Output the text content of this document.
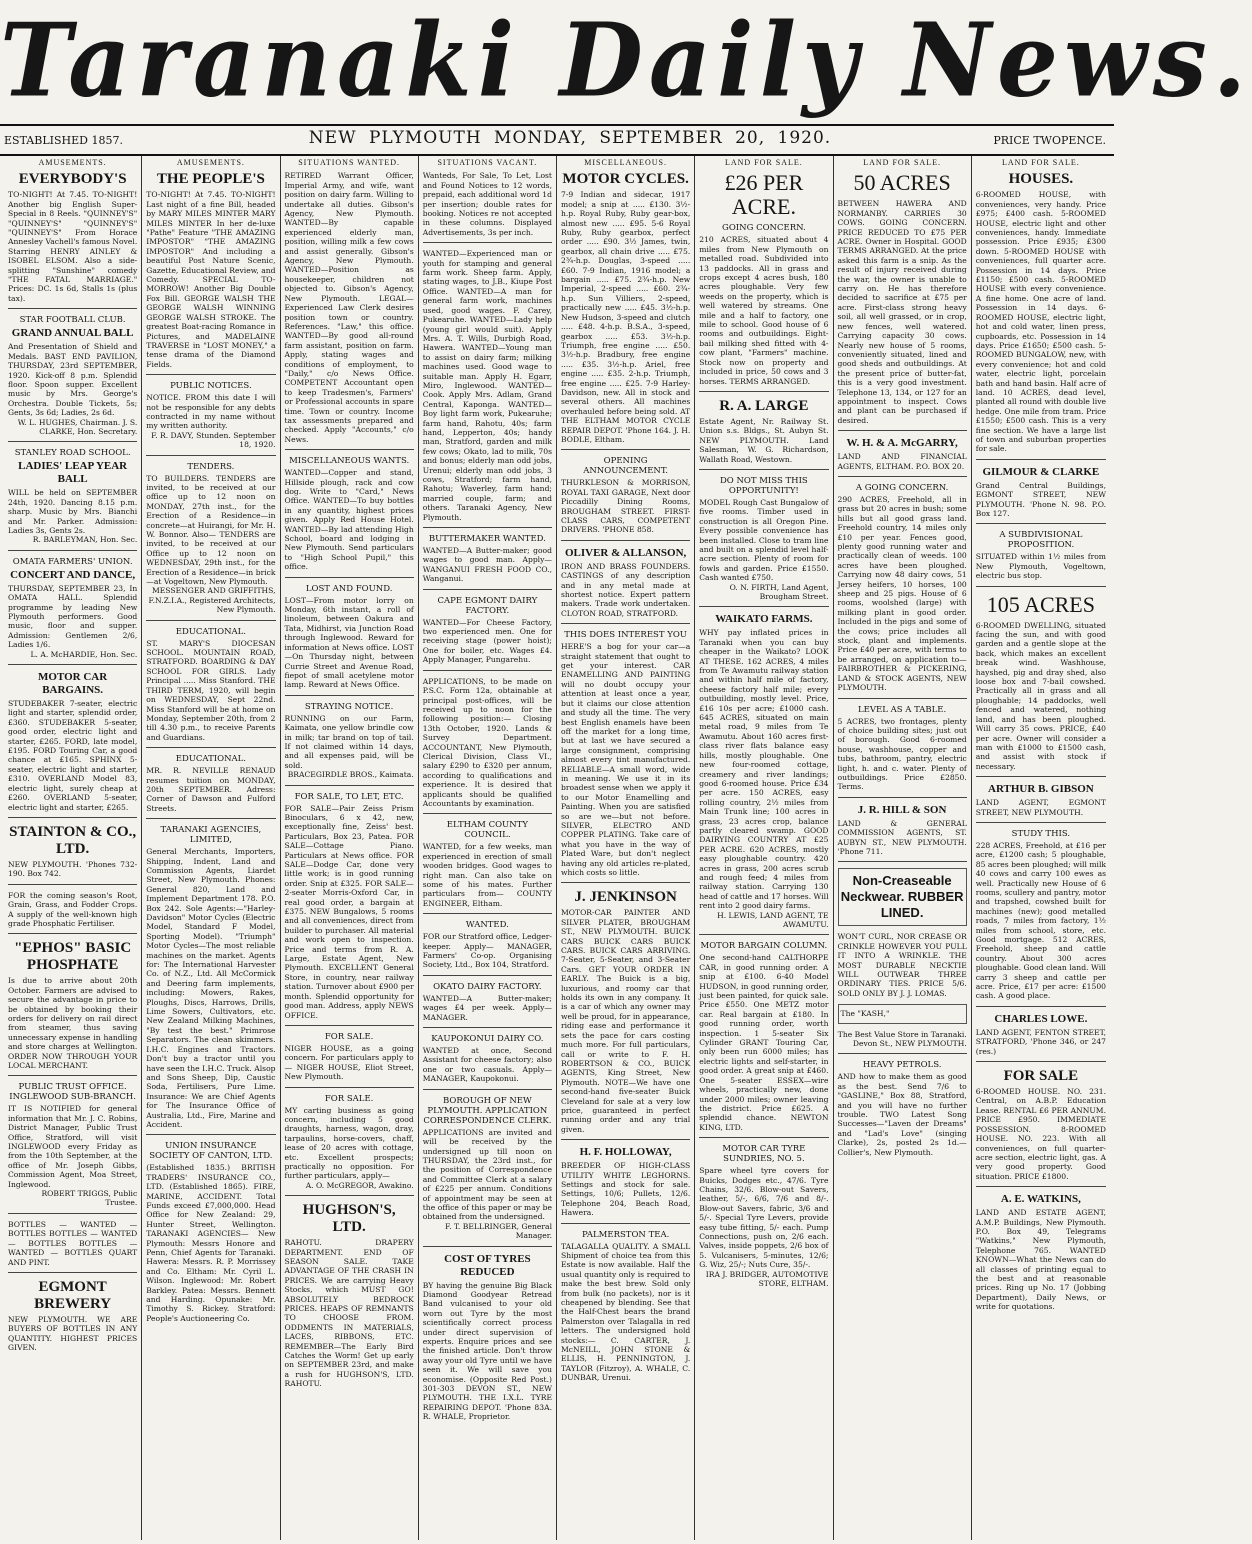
Taranaki Daily News.
ESTABLISHED 1857.	NEW PLYMOUTH MONDAY, SEPTEMBER 20, 1920.	PRICE TWOPENCE.
AMUSEMENTS.
EVERYBODY'S
TO-NIGHT! At 7.45. TO-NIGHT! Another big English Super-Special in 8 Reels. "QUINNEY'S" "QUINNEY'S" "QUINNEY'S" "QUINNEY'S" From Horace Annesley Vachell's famous Novel. Starring HENRY AINLEY & ISOBEL ELSOM. Also a side-splitting "Sunshine" comedy "THE FATAL MARRIAGE." Prices: DC. 1s 6d, Stalls 1s (plus tax).
STAR FOOTBALL CLUB.
GRAND ANNUAL BALL
And Presentation of Shield and Medals. BAST END PAVILION, THURSDAY, 23rd SEPTEMBER, 1920. Kick-off 8 p.m. Splendid floor. Spoon supper. Excellent music by Mrs. George's Orchestra. Double Tickets, 5s; Gents, 3s 6d; Ladies, 2s 6d.
W. L. HUGHES, Chairman. J. S. CLARKE, Hon. Secretary.
STANLEY ROAD SCHOOL.
LADIES' LEAP YEAR BALL
WILL be held on SEPTEMBER 24th, 1920. Dancing 8.15 p.m. sharp. Music by Mrs. Bianchi and Mr. Parker. Admission: Ladies 3s, Gents 2s.
R. BARLEYMAN, Hon. Sec.
OMATA FARMERS' UNION.
CONCERT AND DANCE,
THURSDAY, SEPTEMBER 23, In OMATA HALL. Splendid programme by leading New Plymouth performers. Good music, floor and supper. Admission: Gentlemen 2/6, Ladies 1/6.
L. A. McHARDIE, Hon. Sec.
MOTOR CAR BARGAINS.
STUDEBAKER 7-seater, electric light and starter, splendid order, £360. STUDEBAKER 5-seater, good order, electric light and starter, £265. FORD, late model, £195. FORD Touring Car, a good chance at £165. SPHINX 5-seater, electric light and starter, £310. OVERLAND Model 83, electric light, surely cheap at £260. OVERLAND 5-seater, electric light and starter, £265.
STAINTON & CO., LTD.
NEW PLYMOUTH. 'Phones 732-190. Box 742.
FOR the coming season's Root, Grain, Grass, and Fodder Crops. A supply of the well-known high grade Phosphatic Fertiliser.
"EPHOS" BASIC PHOSPHATE
Is due to arrive about 20th October. Farmers are advised to secure the advantage in price to be obtained by booking their orders for delivery on rail direct from steamer, thus saving unnecessary expense in handling and store charges at Wellington. ORDER NOW THROUGH YOUR LOCAL MERCHANT.
PUBLIC TRUST OFFICE. INGLEWOOD SUB-BRANCH.
IT IS NOTIFIED for general information that Mr. J. C. Robins, District Manager, Public Trust Office, Stratford, will visit INGLEWOOD every Friday as from the 10th September, at the office of Mr. Joseph Gibbs, Commission Agent, Moa Street, Inglewood.
ROBERT TRIGGS, Public Trustee.
BOTTLES — WANTED — BOTTLES BOTTLES — WANTED — BOTTLES BOTTLES — WANTED — BOTTLES QUART AND PINT.
EGMONT BREWERY
NEW PLYMOUTH. WE ARE BUYERS OF BOTTLES IN ANY QUANTITY. HIGHEST PRICES GIVEN.
AMUSEMENTS.
THE PEOPLE'S
TO-NIGHT! At 7.45. TO-NIGHT! Last night of a fine Bill, headed by MARY MILES MINTER MARY MILES MINTER In her de-luxe "Pathe" Feature "THE AMAZING IMPOSTOR" "THE AMAZING IMPOSTOR" And including a beautiful Post Nature Scenic, Gazette, Educational Review, and Comedy. SPECIAL TO-MORROW! Another Big Double Fox Bill. GEORGE WALSH THE GEORGE WALSH WINNING GEORGE WALSH STROKE. The greatest Boat-racing Romance in Pictures, and MADELAINE TRAVERSE in "LOST MONEY," a tense drama of the Diamond Fields.
PUBLIC NOTICES.
NOTICE. FROM this date I will not be responsible for any debts contracted in my name without my written authority.
F. R. DAVY, Stunden. September 18, 1920.
TENDERS.
TO BUILDERS. TENDERS are invited, to be received at our office up to 12 noon on MONDAY, 27th inst., for the Erection of a Residence—in concrete—at Huirangi, for Mr. H. W. Bonnor. Also— TENDERS are invited, to be received at our Office up to 12 noon on WEDNESDAY, 29th inst., for the Erection of a Residence—in brick—at Vogeltown, New Plymouth.
MESSENGER AND GRIFFITHS, F.N.Z.I.A., Registered Architects, New Plymouth.
EDUCATIONAL.
ST. MARY'S DIOCESAN SCHOOL. MOUNTAIN ROAD, STRATFORD. BOARDING & DAY SCHOOL FOR GIRLS. Lady Principal ..... Miss Stanford. THE THIRD TERM, 1920, will begin on WEDNESDAY, Sept 22nd. Miss Stanford will be at home on Monday, September 20th, from 2 till 4.30 p.m., to receive Parents and Guardians.
EDUCATIONAL.
MR. R. NEVILLE RENAUD resumes tuition on MONDAY, 20th SEPTEMBER. Adress: Corner of Dawson and Fulford Streets.
TARANAKI AGENCIES, LIMITED,
General Merchants, Importers, Shipping, Indent, Land and Commission Agents, Liardet Street, New Plymouth. Phones: General 820, Land and Implement Department 178. P.O. Box 242. Sole Agents:—"Harley-Davidson" Motor Cycles (Electric Model, Standard F Model, Sporting Model). "Triumph" Motor Cycles—The most reliable machines on the market. Agents for: The International Harvester Co. of N.Z., Ltd. All McCormick and Deering farm implements, including: Mowers, Rakes, Ploughs, Discs, Harrows, Drills, Lime Sowers, Cultivators, etc. New Zealand Milking Machines, "By test the best." Primrose Separators. The clean skimmers. I.H.C. Engines and Tractors. Don't buy a tractor until you have seen the I.H.C. Truck. Alsop and Sons Sheep, Dip, Caustic Soda, Fertilisers, Pure Lime. Insurance: We are Chief Agents for The Insurance Office of Australia, Ltd., Fire, Marine and Accident.
UNION INSURANCE SOCIETY OF CANTON, LTD.
(Established 1835.) BRITISH TRADERS' INSURANCE CO., LTD. (Established 1865). FIRE, MARINE, ACCIDENT. Total Funds exceed £7,000,000. Head Office for New Zealand: 29, Hunter Street, Wellington. TARANAKI AGENCIES— New Plymouth: Messrs Honore and Penn, Chief Agents for Taranaki. Hawera: Messrs. R. P. Morrissey and Co. Eltham: Mr. Cyril L. Wilson. Inglewood: Mr. Robert Barkley. Patea: Messrs. Bennett and Harding. Opunake: Mr. Timothy S. Rickey. Stratford: People's Auctioneering Co.
SITUATIONS WANTED.
RETIRED Warrant Officer, Imperial Army, and wife, want position on dairy farm. Willing to undertake all duties. Gibson's Agency, New Plymouth. WANTED—By capable experienced elderly man, position, willing milk a few cows and assist generally. Gibson's Agency, New Plymouth. WANTED—Position as housekeeper, children not objected to. Gibson's Agency, New Plymouth. LEGAL—Experienced Law Clerk desires position town or country. References. "Law," this office. WANTED—By good all-round farm assistant, position on farm. Apply, stating wages and conditions of employment, to "Daily," c/o News Office. COMPETENT Accountant open to keep Tradesmen's, Farmers' or Professional accounts in spare time. Town or country. Income tax assessments prepared and checked. Apply "Accounts," c/o News.
MISCELLANEOUS WANTS.
WANTED—Copper and stand, Hillside plough, rack and cow dog. Write to "Card," News Office. WANTED—To buy bottles in any quantity, highest prices given. Apply Red House Hotel. WANTED—By lad attending High School, board and lodging in New Plymouth. Send particulars to "High School Pupil," this office.
LOST AND FOUND.
LOST—From motor lorry on Monday, 6th instant, a roll of linoleum, between Oakura and Tata, Midhirst, via Junction Road through Inglewood. Reward for information at News office. LOST—On Thursday night, between Currie Street and Avenue Road, fiepot of small acetylene motor lamp. Reward at News Office.
STRAYING NOTICE.
RUNNING on our Farm, Kaimata, one yellow brindle cow in milk; tar brand on top of tail. If not claimed within 14 days, and all expenses paid, will be sold.
BRACEGIRDLE BROS., Kaimata.
FOR SALE, TO LET, ETC.
FOR SALE—Pair Zeiss Prism Binoculars, 6 x 42, new, exceptionally fine, Zeiss' best. Particulars, Box 23, Patea. FOR SALE—Cottage Piano. Particulars at News office. FOR SALE—Dodge Car, done very little work; is in good running order. Snip at £325. FOR SALE—2-seater Morris-Oxford Car, in real good order, a bargain at £375. NEW Bungalows, 5 rooms and all conveniences, direct from builder to purchaser. All material and work open to inspection. Price and terms from R. A. Large, Estate Agent, New Plymouth. EXCELLENT General Store, in country, near railway station. Turnover about £900 per month. Splendid opportunity for good man. Address, apply NEWS OFFICE.
FOR SALE.
NIGER HOUSE, as a going concern. For particulars apply to— NIGER HOUSE, Eliot Street, New Plymouth.
FOR SALE.
MY carting business as going concern, including 5 good draughts, harness, wagon, dray, tarpaulins, horse-covers, chaff, lease of 20 acres with cottage, etc. Excellent prospects; practically no opposition. For further particulars, apply—
A. O. McGREGOR, Awakino.
HUGHSON'S, LTD.
RAHOTU. DRAPERY DEPARTMENT. END OF SEASON SALE. TAKE ADVANTAGE OF THE CRASH IN PRICES. We are carrying Heavy Stocks, which MUST GO! ABSOLUTELY BEDROCK PRICES. HEAPS OF REMNANTS TO CHOOSE FROM. ODDMENTS IN MATERIALS, LACES, RIBBONS, ETC. REMEMBER—The Early Bird Catches the Worm! Get up early on SEPTEMBER 23rd, and make a rush for HUGHSON'S, LTD. RAHOTU.
SITUATIONS VACANT.
Wanteds, For Sale, To Let, Lost and Found Notices to 12 words, prepaid, each additional word 1d per insertion; double rates for booking. Notices re not accepted in these columns. Displayed Advertisements, 3s per inch.
WANTED—Experienced man or youth for stamping and general farm work. Sheep farm. Apply, stating wages, to J.B., Kiupe Post Office. WANTED—A man for general farm work, machines used, good wages. F. Carey, Pukearuhe. WANTED—Lady help (young girl would suit). Apply Mrs. A. T. Wills, Durbigh Road, Hawera. WANTED—Young man to assist on dairy farm; milking machines used. Good wage to suitable man. Apply H. Egarr, Miro, Inglewood. WANTED—Cook. Apply Mrs. Adlam, Grand Central, Kaponga. WANTED—Boy light farm work, Pukearuhe; farm hand, Rahotu, 40s; farm hand, Lepperton, 40s; handy man, Stratford, garden and milk few cows; Okato, lad to milk, 70s and bonus; elderly man odd jobs, Urenui; elderly man odd jobs, 3 cows, Stratford; farm hand, Rahotu; Waverley, farm hand; married couple, farm; and others. Taranaki Agency, New Plymouth.
BUTTERMAKER WANTED.
WANTED—A Butter-maker; good wages to good man. Apply— WANGANUI FRESH FOOD CO., Wanganui.
CAPE EGMONT DAIRY FACTORY.
WANTED—For Cheese Factory, two experienced men. One for receiving stage (power hoist); One for boiler, etc. Wages £4. Apply Manager, Pungarehu.
APPLICATIONS, to be made on P.S.C. Form 12a, obtainable at principal post-offices, will be received up to noon for the following position:— Closing 13th October, 1920. Lands & Survey Department. ACCOUNTANT, New Plymouth, Clerical Division, Class VI., salary £290 to £320 per annum, according to qualifications and experience. It is desired that applicants should be qualified Accountants by examination.
ELTHAM COUNTY COUNCIL.
WANTED, for a few weeks, man experienced in erection of small wooden bridges. Good wages to right man. Can also take on some of his mates. Further particulars from— COUNTY ENGINEER, Eltham.
WANTED.
FOR our Stratford office, Ledger-keeper. Apply— MANAGER, Farmers' Co-op. Organising Society, Ltd., Box 104, Stratford.
OKATO DAIRY FACTORY.
WANTED—A Butter-maker; wages £4 per week. Apply— MANAGER.
KAUPOKONUI DAIRY CO.
WANTED at once, Second Assistant for cheese factory; also one or two casuals. Apply— MANAGER, Kaupokonui.
BOROUGH OF NEW PLYMOUTH. APPLICATION CORRESPONDENCE CLERK.
APPLICATIONS are invited and will be received by the undersigned up till noon on THURSDAY, the 23rd inst., for the position of Correspondence and Committee Clerk at a salary of £225 per annum. Conditions of appointment may be seen at the office of this paper or may be obtained from the undersigned.
F. T. BELLRINGER, General Manager.
COST OF TYRES REDUCED
BY having the genuine Big Black Diamond Goodyear Retread Band vulcanised to your old worn out Tyre by the most scientifically correct process under direct supervision of experts. Enquire prices and see the finished article. Don't throw away your old Tyre until we have seen it. We will save you economise. (Opposite Red Post.) 301-303 DEVON ST., NEW PLYMOUTH. THE I.X.L. TYRE REPAIRING DEPOT. 'Phone 83A. R. WHALE, Proprietor.
MISCELLANEOUS.
MOTOR CYCLES.
7-9 Indian and sidecar, 1917 model; a snip at ..... £130. 3½-h.p. Royal Ruby, Ruby gear-box, almost new ..... £95. 5-6 Royal Ruby, Ruby gearbox, perfect order ..... £90. 3½ James, twin, gearbox, all chain drive ..... £75. 2¾-h.p. Douglas, 3-speed ..... £60. 7-9 Indian, 1916 model; a bargain ..... £75. 2¾-h.p. New Imperial, 2-speed ..... £60. 2¾-h.p. Sun Villiers, 2-speed, practically new ..... £45. 3½-h.p. New Hudson, 3-speed and clutch ..... £48. 4-h.p. B.S.A., 3-speed, gearbox ..... £53. 3½-h.p. Triumph, free engine ..... £50. 3½-h.p. Bradbury, free engine ..... £35. 3½-h.p. Ariel, free engine ..... £35. 2-h.p. Triumph, free engine ..... £25. 7-9 Harley-Davidson, new. All in stock and several others. All machines overhauled before being sold. AT THE ELTHAM MOTOR CYCLE REPAIR DEPOT. 'Phone 164. J. H. BODLE, Eltham.
OPENING ANNOUNCEMENT.
THURKLESON & MORRISON, ROYAL TAXI GARAGE, Next door Piccadilly Dining Rooms, BROUGHAM STREET. FIRST-CLASS CARS, COMPETENT DRIVERS. 'PHONE 858.
OLIVER & ALLANSON,
IRON AND BRASS FOUNDERS. CASTINGS of any description and in any metal made at shortest notice. Expert pattern makers. Trade work undertaken. CLOTON ROAD, STRATFORD.
THIS DOES INTEREST YOU
HERE'S a bog for your car—a straight statement that ought to get your interest. CAR ENAMELLING AND PAINTING will no doubt occupy your attention at least once a year, but it claims our close attention and study all the time. The very best English enamels have been off the market for a long time, but at last we have secured a large consignment, comprising almost every tint manufactured. RELIABLE—A small word, wide in meaning. We use it in its broadest sense when we apply it to our Motor Enamelling and Painting. When you are satisfied so are we—but not before. SILVER, ELECTRO AND COPPER PLATING. Take care of what you have in the way of Plated Ware, but don't neglect having any old articles re-plated, which costs so little.
J. JENKINSON
MOTOR-CAR PAINTER AND SILVER PLATER, BROUGHAM ST., NEW PLYMOUTH. BUICK CARS BUICK CARS BUICK CARS. BUICK CARS ARRIVING. 7-Seater, 5-Seater, and 3-Seater Cars. GET YOUR ORDER IN EARLY. The Buick is a big, luxurious, and roomy car that holds its own in any company. It is a car of which any owner may well be proud, for in appearance, riding ease and performance it sets the pace for cars costing much more. For full particulars, call or write to F. H. ROBERTSON & CO., BUICK AGENTS, King Street, New Plymouth. NOTE—We have one second-hand five-seater Buick Cleveland for sale at a very low price, guaranteed in perfect running order and any trial given.
H. F. HOLLOWAY,
BREEDER OF HIGH-CLASS UTILITY WHITE LEGHORNS. Settings and stock for sale. Settings, 10/6; Pullets, 12/6. Telephone 204, Beach Road, Hawera.
PALMERSTON TEA.
TALAGALLA QUALITY. A SMALL Shipment of choice tea from this Estate is now available. Half the usual quantity only is required to make the best brew. Sold only from bulk (no packets), nor is it cheapened by blending. See that the Half-Chest bears the brand Palmerston over Talagalla in red letters. The undersigned hold stocks:— C. CARTER, J. McNEILL, JOHN STONE & ELLIS, H. PENNINGTON, J. TAYLOR (Fitzroy), A. WHALE, C. DUNBAR, Urenui.
LAND FOR SALE.
£26 PER ACRE.
GOING CONCERN.
210 ACRES, situated about 4 miles from New Plymouth on metalled road. Subdivided into 13 paddocks. All in grass and crops except 4 acres bush, 180 acres ploughable. Very few weeds on the property, which is well watered by streams. One mile and a half to factory, one mile to school. Good house of 6 rooms and outbuildings. Eight-bail milking shed fitted with 4-cow plant, "Farmers" machine. Stock now on property and included in price, 50 cows and 3 horses. TERMS ARRANGED.
R. A. LARGE
Estate Agent, Nr. Railway St. Union s.s. Bldgs., St. Aubyn St. NEW PLYMOUTH. Land Salesman, W. G. Richardson, Wallath Road, Westown.
DO NOT MISS THIS OPPORTUNITY!
MODEL Rough Cast Bungalow of five rooms. Timber used in construction is all Oregon Pine. Every possible convenience has been installed. Close to tram line and built on a splendid level half-acre section. Plenty of room for fowls and garden. Price £1550. Cash wanted £750.
O. N. FIRTH, Land Agent, Brougham Street.
WAIKATO FARMS.
WHY pay inflated prices in Taranaki when you can buy cheaper in the Waikato? LOOK AT THESE. 162 ACRES, 4 miles from Te Awamutu railway station and within half mile of factory, cheese factory half mile; every outbuilding, mostly level. Price, £16 10s per acre; £1000 cash. 645 ACRES, situated on main metal road, 9 miles from Te Awamutu. About 160 acres first-class river flats balance easy hills, mostly ploughable. One new four-roomed cottage, creamery and river landings; good 6-roomed house. Price £34 per acre. 150 ACRES, easy rolling country, 2½ miles from Main Trunk line; 100 acres in grass, 23 acres crop, balance partly cleared swamp. GOOD DAIRYING COUNTRY AT £25 PER ACRE. 620 ACRES, mostly easy ploughable country. 420 acres in grass, 200 acres scrub and rough feed; 4 miles from railway station. Carrying 130 head of cattle and 17 horses. Will rent into 2 good dairy farms.
H. LEWIS, LAND AGENT, TE AWAMUTU.
MOTOR BARGAIN COLUMN.
One second-hand CALTHORPE CAR, in good running order. A snip at £100. 6-40 Model HUDSON, in good running order, just been painted, for quick sale. Price £550. One METZ motor car. Real bargain at £180. In good running order, worth inspection. 1 5-seater Six Cylinder GRANT Touring Car, only been run 6000 miles; has electric lights and self-starter, in good order. A great snip at £460. One 5-seater ESSEX—wire wheels, practically new, done under 2000 miles; owner leaving the district. Price £625. A splendid chance. NEWTON KING, LTD.
MOTOR CAR TYRE SUNDRIES, NO. 5.
Spare wheel tyre covers for Buicks, Dodges etc., 47/6. Tyre Chains, 32/6. Blow-out Savers, leather, 5/-, 6/6, 7/6 and 8/-. Blow-out Savers, fabric, 3/6 and 5/-. Special Tyre Levers, provide easy tube fitting, 5/- each. Pump Connections, push on, 2/6 each. Valves, inside poppets, 2/6 box of 5. Vulcanisers, 5-minutes, 12/6; G. Wiz, 25/-; Nuts Cure, 35/-.
IRA J. BRIDGER, AUTOMOTIVE STORE, ELTHAM.
LAND FOR SALE.
50 ACRES
BETWEEN HAWERA AND NORMANBY. CARRIES 30 COWS. GOING CONCERN. PRICE REDUCED TO £75 PER ACRE. Owner in Hospital. GOOD TERMS ARRANGED. At the price asked this farm is a snip. As the result of injury received during the war, the owner is unable to carry on. He has therefore decided to sacrifice at £75 per acre. First-class strong heavy soil, all well grassed, or in crop, new fences, well watered. Carrying capacity 30 cows. Nearly new house of 5 rooms, conveniently situated, lined and good sheds and outbuildings. At the present price of butter-fat, this is a very good investment. Telephone 13, 134, or 127 for an appointment to inspect. Cows and plant can be purchased if desired.
W. H. & A. McGARRY,
LAND AND FINANCIAL AGENTS, ELTHAM. P.O. BOX 20.
A GOING CONCERN.
290 ACRES, Freehold, all in grass but 20 acres in bush; some hills but all good grass land. Freehold country, 14 miles only £10 per year. Fences good, plenty good running water and practically clean of weeds. 100 acres have been ploughed. Carrying now 48 dairy cows, 51 Jersey heifers, 10 horses, 100 sheep and 25 pigs. House of 6 rooms, woolshed (large) with milking plant in good order. Included in the pigs and some of the cows; price includes all stock, plant and implements. Price £40 per acre, with terms to be arranged, on application to— FAIRBROTHER & PICKERING, LAND & STOCK AGENTS, NEW PLYMOUTH.
LEVEL AS A TABLE.
5 ACRES, two frontages, plenty of choice building sites; just out of borough. Good 6-roomed house, washhouse, copper and tubs, bathroom, pantry, electric light, h. and c. water. Plenty of outbuildings. Price £2850. Terms.
J. R. HILL & SON
LAND & GENERAL COMMISSION AGENTS, ST. AUBYN ST., NEW PLYMOUTH. 'Phone 711.
Non-Creaseable Neckwear. RUBBER LINED.
WON'T CURL, NOR CREASE OR CRINKLE HOWEVER YOU PULL IT INTO A WRINKLE. THE MOST DURABLE NECKTIE WILL OUTWEAR THREE ORDINARY TIES. PRICE 5/6. SOLD ONLY BY J. J. LOMAS.
The "KASH,"
The Best Value Store in Taranaki. Devon St., NEW PLYMOUTH.
HEAVY PETROLS.
AND how to make them as good as the best. Send 7/6 to "GASLINE," Box 88, Stratford, and you will have no further trouble. TWO Latest Song Successes—"Laven der Dreams" and "Lad's Love" (singing Clarke), 2s, posted 2s 1d.—Collier's, New Plymouth.
LAND FOR SALE.
HOUSES.
6-ROOMED HOUSE, with conveniences, very handy. Price £975; £400 cash. 5-ROOMED HOUSE, electric light and other conveniences, handy. Immediate possession. Price £935; £300 down. 5-ROOMED HOUSE with conveniences, full quarter acre. Possession in 14 days. Price £1150; £500 cash. 5-ROOMED HOUSE with every convenience. A fine home. One acre of land. Possession in 14 days. 6-ROOMED HOUSE, electric light, hot and cold water, linen press, cupboards, etc. Possession in 14 days. Price £1650; £500 cash. 5-ROOMED BUNGALOW, new, with every convenience; hot and cold water, electric light, porcelain bath and hand basin. Half acre of land. 10 ACRES, dead level, planted all round with double live hedge. One mile from tram. Price £1550; £500 cash. This is a very fine section. We have a large list of town and suburban properties for sale.
GILMOUR & CLARKE
Grand Central Buildings, EGMONT STREET, NEW PLYMOUTH. 'Phone N. 98. P.O. Box 127.
A SUBDIVISIONAL PROPOSITION.
SITUATED within 1½ miles from New Plymouth, Vogeltown, electric bus stop.
105 ACRES
6-ROOMED DWELLING, situated facing the sun, and with good garden and a gentle slope at the back, which makes an excellent break wind. Washhouse, hayshed, pig and dray shed, also loose box and 7-bail cowshed. Practically all in grass and all ploughable; 14 paddocks, well fenced and watered, nothing land, and has been ploughed. Will carry 35 cows. PRICE, £40 per acre. Owner will consider a man with £1000 to £1500 cash, and assist with stock if necessary.
ARTHUR B. GIBSON
LAND AGENT, EGMONT STREET, NEW PLYMOUTH.
STUDY THIS.
228 ACRES, Freehold, at £16 per acre, £1200 cash; 5 ploughable, 85 acres been ploughed; will milk 40 cows and carry 100 ewes as well. Practically new House of 6 rooms, scullery and pantry, motor and trapshed, cowshed built for machines (new); good metalled roads, 7 miles from factory, 1½ miles from school, store, etc. Good mortgage. 512 ACRES, Freehold, sheep and cattle country. About 300 acres ploughable. Good clean land. Will carry 3 sheep and cattle per acre. Price, £17 per acre: £1500 cash. A good place.
CHARLES LOWE.
LAND AGENT, FENTON STREET, STRATFORD, 'Phone 346, or 247 (res.)
FOR SALE
6-ROOMED HOUSE. NO. 231. Central, on A.B.P. Education Lease. RENTAL £6 PER ANNUM. PRICE £950. IMMEDIATE POSSESSION. 8-ROOMED HOUSE. NO. 223. With all conveniences, on full quarter-acre section, electric light, gas. A very good property. Good situation. PRICE £1800.
A. E. WATKINS,
LAND AND ESTATE AGENT, A.M.P. Buildings, New Plymouth. P.O. Box 49, Telegrams "Watkins," New Plymouth, Telephone 765. WANTED KNOWN—What the News can do all classes of printing equal to the best and at reasonable prices. Ring up No. 17 (Jobbing Department), Daily News, or write for quotations.
